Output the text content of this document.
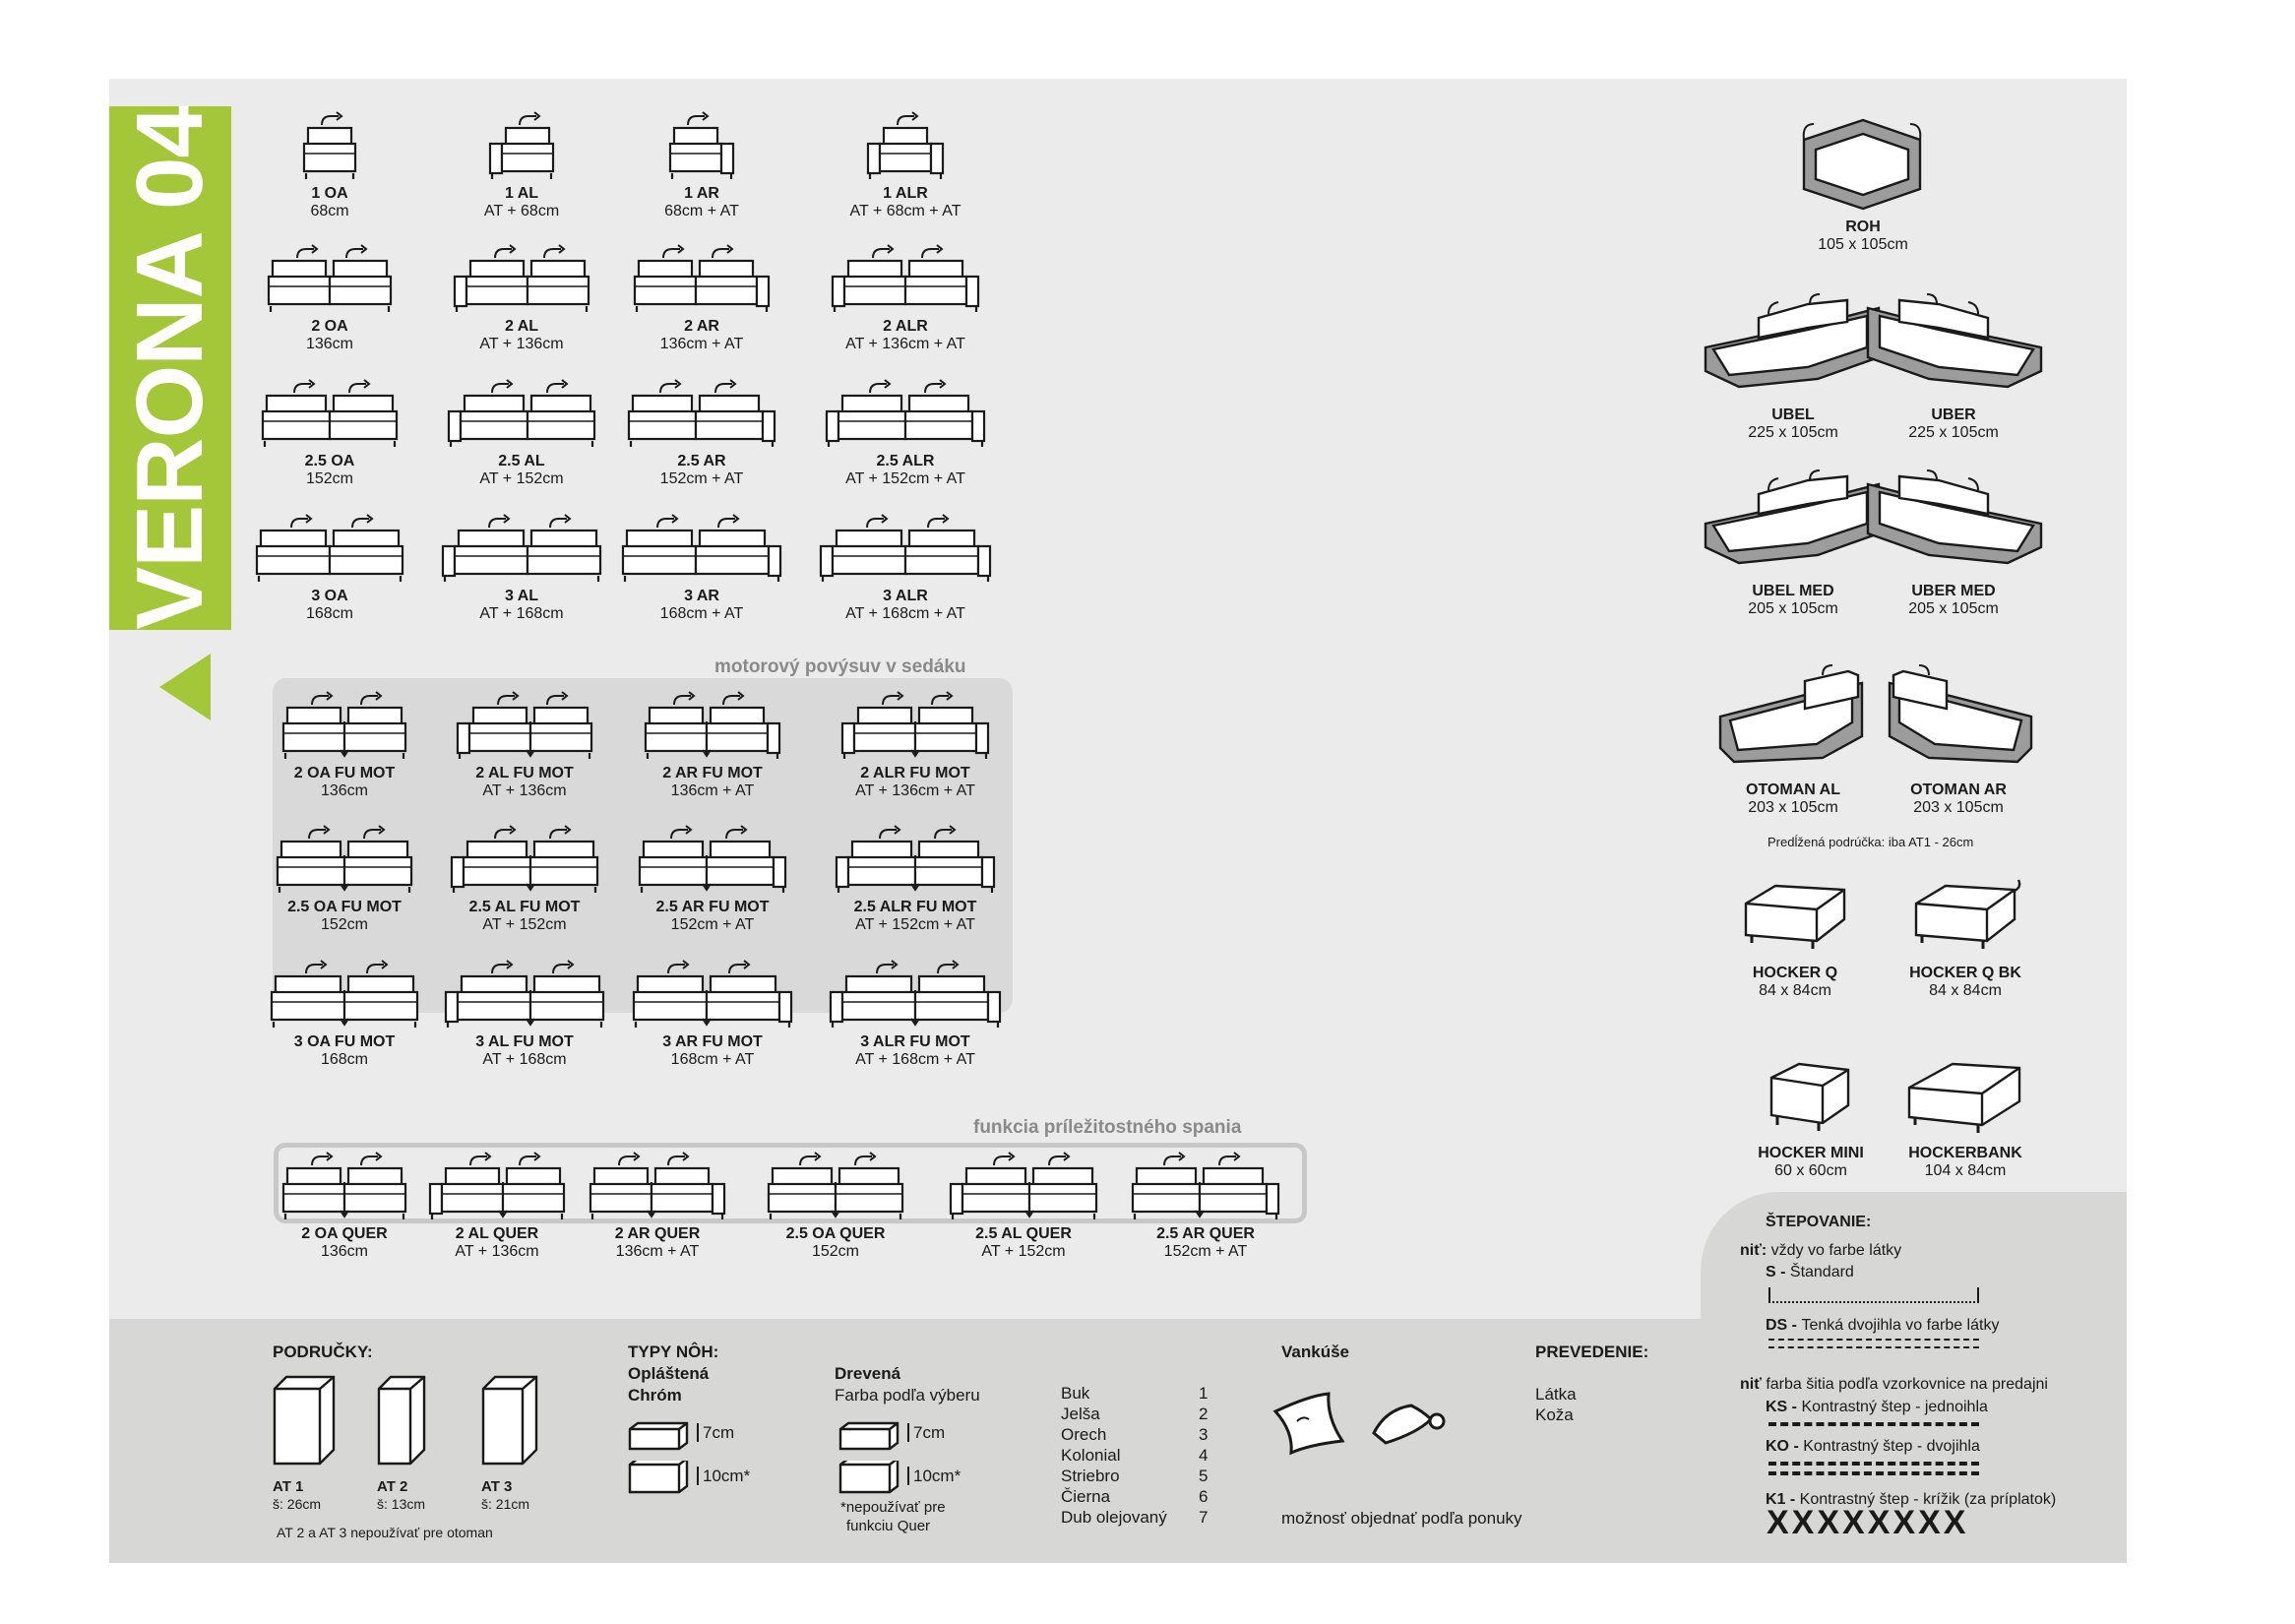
VERONA 04
motorový povýsuv v sedáku
funkcia príležitostného spania
1 OA
68cm
1 AL
AT + 68cm
1 AR
68cm + AT
1 ALR
AT + 68cm + AT
2 OA
136cm
2 AL
AT + 136cm
2 AR
136cm + AT
2 ALR
AT + 136cm + AT
2.5 OA
152cm
2.5 AL
AT + 152cm
2.5 AR
152cm + AT
2.5 ALR
AT + 152cm + AT
3 OA
168cm
3 AL
AT + 168cm
3 AR
168cm + AT
3 ALR
AT + 168cm + AT
2 OA FU MOT
136cm
2 AL FU MOT
AT + 136cm
2 AR FU MOT
136cm + AT
2 ALR FU MOT
AT + 136cm + AT
2.5 OA FU MOT
152cm
2.5 AL FU MOT
AT + 152cm
2.5 AR FU MOT
152cm + AT
2.5 ALR FU MOT
AT + 152cm + AT
3 OA FU MOT
168cm
3 AL FU MOT
AT + 168cm
3 AR FU MOT
168cm + AT
3 ALR FU MOT
AT + 168cm + AT
2 OA QUER
136cm
2 AL QUER
AT + 136cm
2 AR QUER
136cm + AT
2.5 OA QUER
152cm
2.5 AL QUER
AT + 152cm
2.5 AR QUER
152cm + AT
ROH
105 x 105cm
UBEL
225 x 105cm
UBER
225 x 105cm
UBEL MED
205 x 105cm
UBER MED
205 x 105cm
OTOMAN AL
203 x 105cm
OTOMAN AR
203 x 105cm
HOCKER Q
84 x 84cm
HOCKER Q BK
84 x 84cm
HOCKER MINI
60 x 60cm
HOCKERBANK
104 x 84cm
PODRUČKY:
AT 1
š: 26cm
AT 2
š: 13cm
AT 3
š: 21cm
AT 2 a AT 3 nepoužívať pre otoman
TYPY NÔH:
Opláštená
Chróm
Drevená
Farba podľa výberu
7cm
10cm*
7cm
10cm*
*nepoužívať pre
funkciu Quer
Buk	1
Jelša	2
Orech	3
Kolonial	4
Striebro	5
Čierna	6
Dub olejovaný 7
Vankúše
možnosť objednať podľa ponuky
PREVEDENIE:
Látka
Koža
ŠTEPOVANIE:
niť: vždy vo farbe látky
S - Štandard
DS - Tenká dvojihla vo farbe látky
niť farba šitia podľa vzorkovnice na predajni
KS - Kontrastný štep - jednoihla
KO - Kontrastný štep - dvojihla
K1 - Kontrastný štep - krížik (za príplatok)
XXXXXXXX
Predĺžená podrúčka: iba AT1 - 26cm
